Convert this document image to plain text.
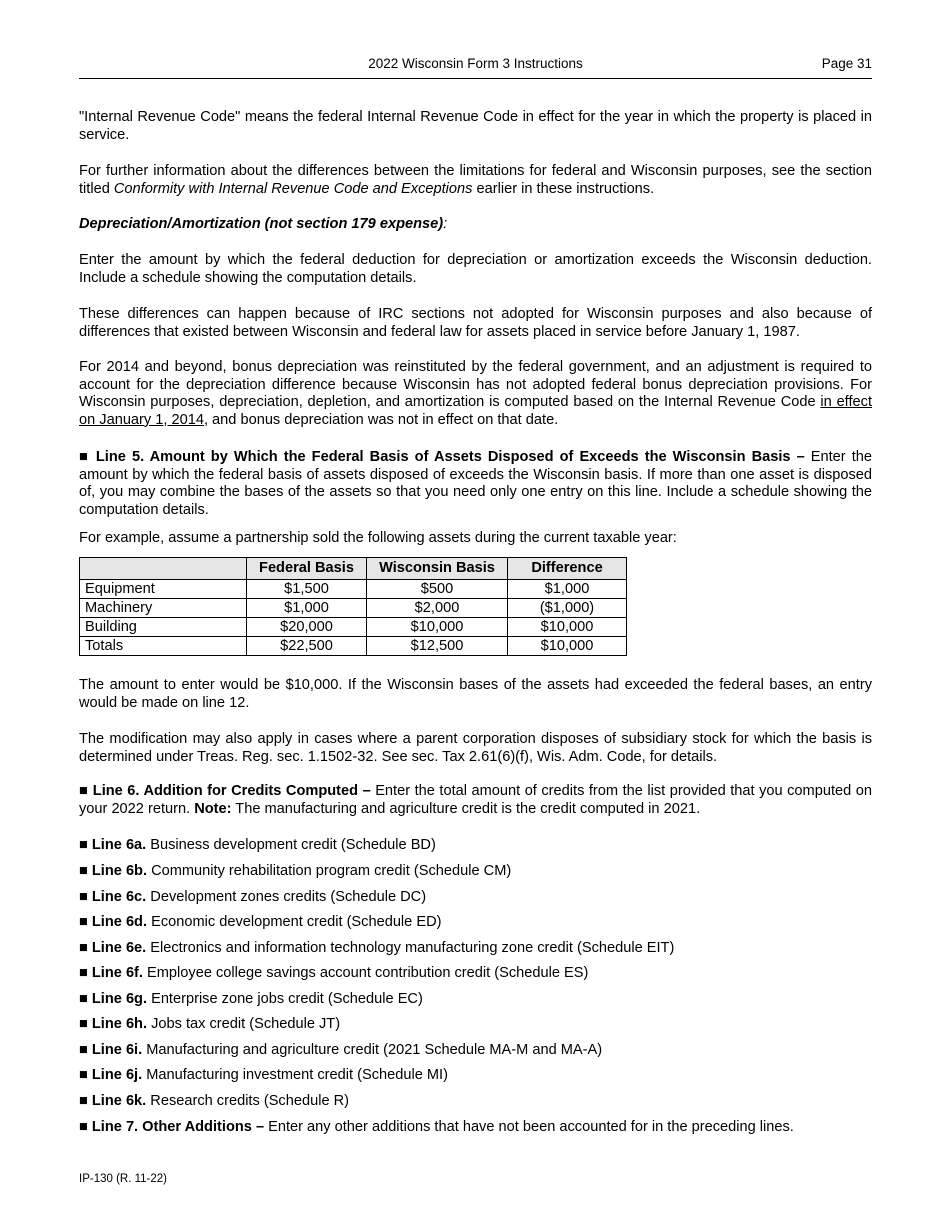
2022 Wisconsin Form 3 Instructions	Page 31

"Internal Revenue Code" means the federal Internal Revenue Code in effect for the year in which the property is placed in service.

For further information about the differences between the limitations for federal and Wisconsin purposes, see the section titled Conformity with Internal Revenue Code and Exceptions earlier in these instructions.

Depreciation/Amortization (not section 179 expense):

Enter the amount by which the federal deduction for depreciation or amortization exceeds the Wisconsin deduction. Include a schedule showing the computation details.

These differences can happen because of IRC sections not adopted for Wisconsin purposes and also because of differences that existed between Wisconsin and federal law for assets placed in service before January 1, 1987.

For 2014 and beyond, bonus depreciation was reinstituted by the federal government, and an adjustment is required to account for the depreciation difference because Wisconsin has not adopted federal bonus depreciation provisions. For Wisconsin purposes, depreciation, depletion, and amortization is computed based on the Internal Revenue Code in effect on January 1, 2014, and bonus depreciation was not in effect on that date.

■ Line 5. Amount by Which the Federal Basis of Assets Disposed of Exceeds the Wisconsin Basis – Enter the amount by which the federal basis of assets disposed of exceeds the Wisconsin basis. If more than one asset is disposed of, you may combine the bases of the assets so that you need only one entry on this line. Include a schedule showing the computation details.

For example, assume a partnership sold the following assets during the current taxable year:

	Federal Basis	Wisconsin Basis	Difference
Equipment	$1,500	$500	$1,000
Machinery	$1,000	$2,000	($1,000)
Building	$20,000	$10,000	$10,000
Totals	$22,500	$12,500	$10,000

The amount to enter would be $10,000. If the Wisconsin bases of the assets had exceeded the federal bases, an entry would be made on line 12.

The modification may also apply in cases where a parent corporation disposes of subsidiary stock for which the basis is determined under Treas. Reg. sec. 1.1502-32. See sec. Tax 2.61(6)(f), Wis. Adm. Code, for details.

■ Line 6. Addition for Credits Computed – Enter the total amount of credits from the list provided that you computed on your 2022 return. Note: The manufacturing and agriculture credit is the credit computed in 2021.

■ Line 6a. Business development credit (Schedule BD)

■ Line 6b. Community rehabilitation program credit (Schedule CM)

■ Line 6c. Development zones credits (Schedule DC)

■ Line 6d. Economic development credit (Schedule ED)

■ Line 6e. Electronics and information technology manufacturing zone credit (Schedule EIT)

■ Line 6f. Employee college savings account contribution credit (Schedule ES)

■ Line 6g. Enterprise zone jobs credit (Schedule EC)

■ Line 6h. Jobs tax credit (Schedule JT)

■ Line 6i. Manufacturing and agriculture credit (2021 Schedule MA-M and MA-A)

■ Line 6j. Manufacturing investment credit (Schedule MI)

■ Line 6k. Research credits (Schedule R)

■ Line 7. Other Additions – Enter any other additions that have not been accounted for in the preceding lines.

IP-130 (R. 11-22)
